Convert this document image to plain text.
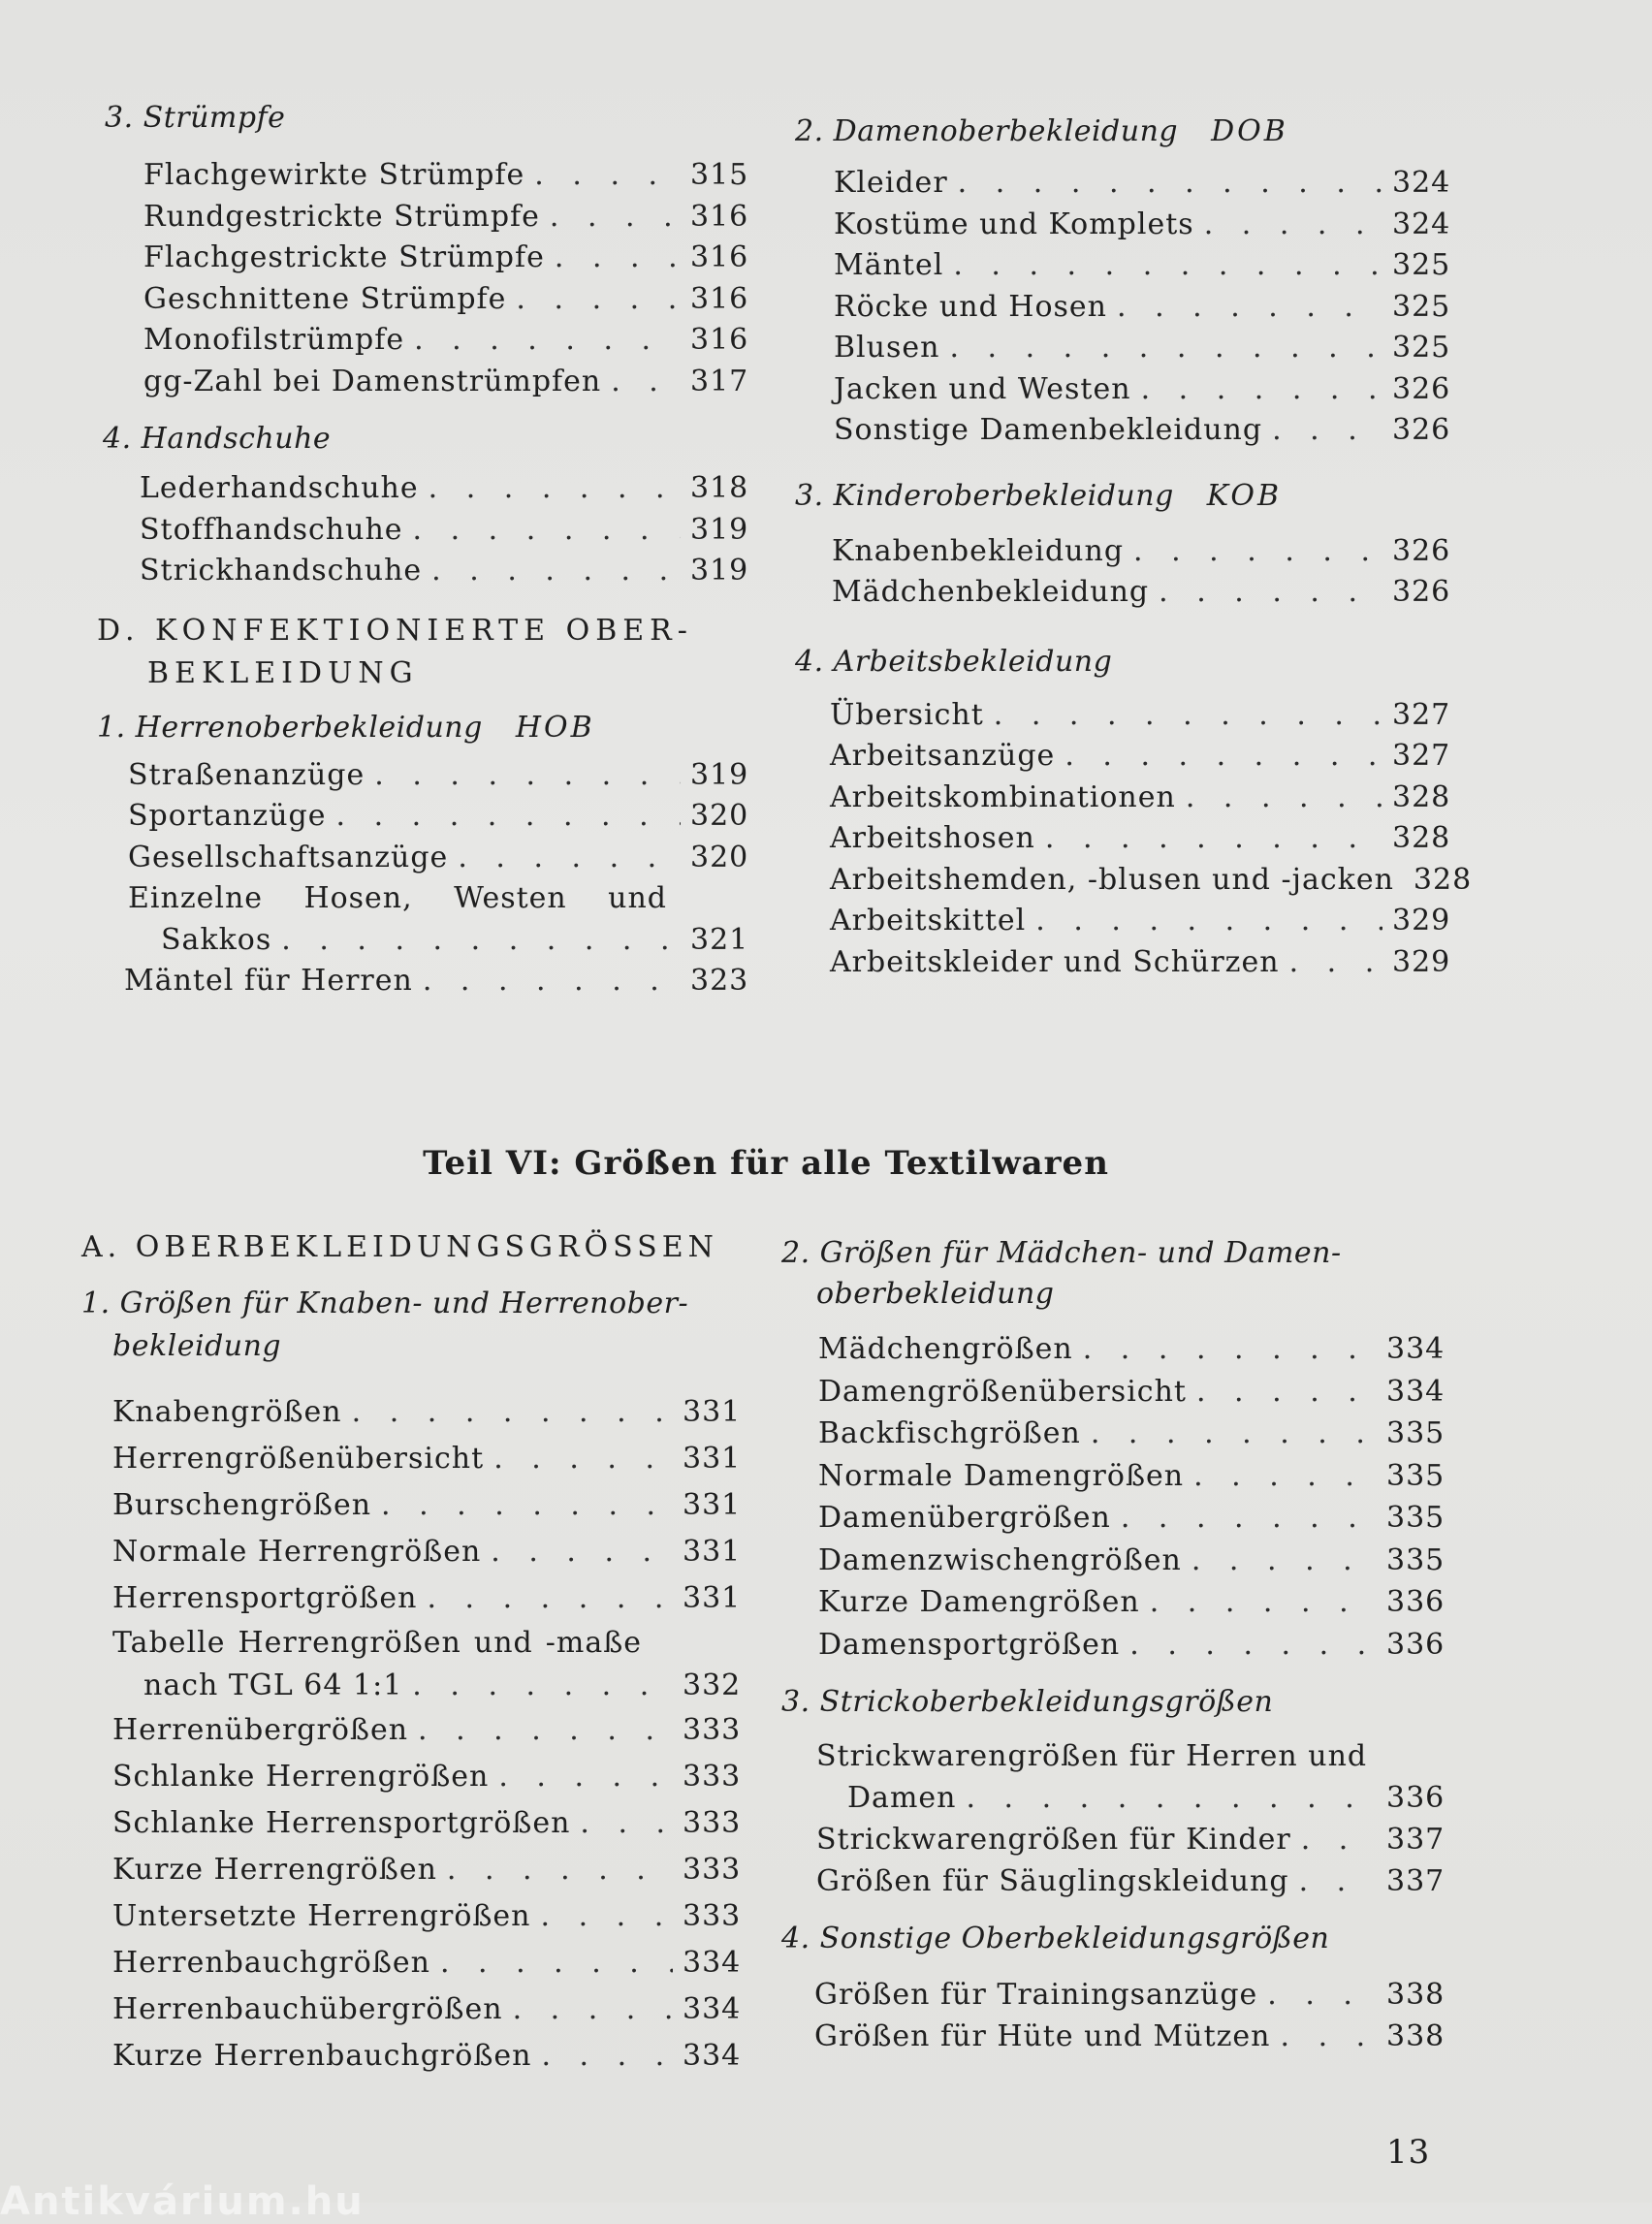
3. Strümpfe

Flachgewirkte Strümpfe . . .	315
Rundgestrickte Strümpfe . . .	316
Flachgestrickte Strümpfe . . .	316
Geschnittene Strümpfe . . .	316
Monofilstrümpfe . . .	316
gg-Zahl bei Damenstrümpfen . . .	317

4. Handschuhe

Lederhandschuhe . . .	318
Stoffhandschuhe . . .	319
Strickhandschuhe . . .	319

D. KONFEKTIONIERTE OBER-
BEKLEIDUNG

1. Herrenoberbekleidung HOB

Straßenanzüge . . .	319
Sportanzüge . . .	320
Gesellschaftsanzüge . . .	320
Einzelne Hosen, Westen und
Sakkos . . .	321
Mäntel für Herren . . .	323

2. Damenoberbekleidung DOB

Kleider . . .	324
Kostüme und Komplets . . .	324
Mäntel . . .	325
Röcke und Hosen . . .	325
Blusen . . .	325
Jacken und Westen . . .	326
Sonstige Damenbekleidung . . .	326

3. Kinderoberbekleidung KOB

Knabenbekleidung . . .	326
Mädchenbekleidung . . .	326

4. Arbeitsbekleidung

Übersicht . . .	327
Arbeitsanzüge . . .	327
Arbeitskombinationen . . .	328
Arbeitshosen . . .	328
Arbeitshemden, -blusen und -jacken 328
Arbeitskittel . . .	329
Arbeitskleider und Schürzen . . .	329
Teil VI: Größen für alle Textilwaren

A. OBERBEKLEIDUNGSGRÖSSEN

1. Größen für Knaben- und Herrenober-
bekleidung

Knabengrößen . . .	331
Herrengrößenübersicht . . .	331
Burschengrößen . . .	331
Normale Herrengrößen . . .	331
Herrensportgrößen . . .	331
Tabelle Herrengrößen und -maße
nach TGL 64 1:1 . . .	332
Herrenübergrößen . . .	333
Schlanke Herrengrößen . . .	333
Schlanke Herrensportgrößen . . .	333
Kurze Herrengrößen . . .	333
Untersetzte Herrengrößen . . .	333
Herrenbauchgrößen . . .	334
Herrenbauchübergrößen . . .	334
Kurze Herrenbauchgrößen . . .	334

2. Größen für Mädchen- und Damen-
oberbekleidung

Mädchengrößen . . .	334
Damengrößenübersicht . . .	334
Backfischgrößen . . .	335
Normale Damengrößen . . .	335
Damenübergrößen . . .	335
Damenzwischengrößen . . .	335
Kurze Damengrößen . . .	336
Damensportgrößen . . .	336

3. Strickoberbekleidungsgrößen

Strickwarengrößen für Herren und
Damen . . .	336
Strickwarengrößen für Kinder . . .	337
Größen für Säuglingskleidung . . .	337

4. Sonstige Oberbekleidungsgrößen

Größen für Trainingsanzüge . . .	338
Größen für Hüte und Mützen . . .	338
13
Antikvárium.hu
